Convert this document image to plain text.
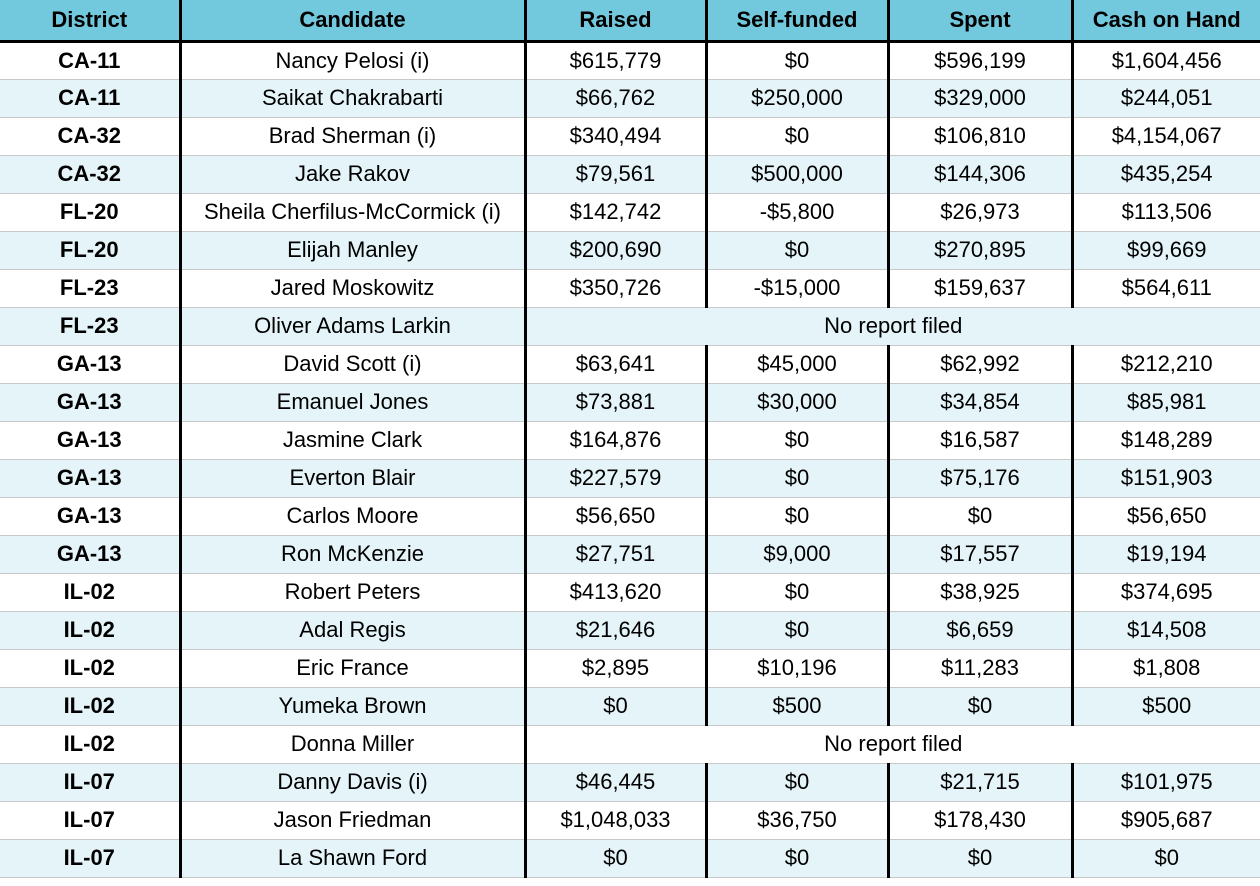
District	Candidate	Raised	Self-funded	Spent	Cash on Hand
CA-11	Nancy Pelosi (i)	$615,779	$0	$596,199	$1,604,456
CA-11	Saikat Chakrabarti	$66,762	$250,000	$329,000	$244,051
CA-32	Brad Sherman (i)	$340,494	$0	$106,810	$4,154,067
CA-32	Jake Rakov	$79,561	$500,000	$144,306	$435,254
FL-20	Sheila Cherfilus-McCormick (i)	$142,742	-$5,800	$26,973	$113,506
FL-20	Elijah Manley	$200,690	$0	$270,895	$99,669
FL-23	Jared Moskowitz	$350,726	-$15,000	$159,637	$564,611
FL-23	Oliver Adams Larkin	No report filed			
GA-13	David Scott (i)	$63,641	$45,000	$62,992	$212,210
GA-13	Emanuel Jones	$73,881	$30,000	$34,854	$85,981
GA-13	Jasmine Clark	$164,876	$0	$16,587	$148,289
GA-13	Everton Blair	$227,579	$0	$75,176	$151,903
GA-13	Carlos Moore	$56,650	$0	$0	$56,650
GA-13	Ron McKenzie	$27,751	$9,000	$17,557	$19,194
IL-02	Robert Peters	$413,620	$0	$38,925	$374,695
IL-02	Adal Regis	$21,646	$0	$6,659	$14,508
IL-02	Eric France	$2,895	$10,196	$11,283	$1,808
IL-02	Yumeka Brown	$0	$500	$0	$500
IL-02	Donna Miller	No report filed			
IL-07	Danny Davis (i)	$46,445	$0	$21,715	$101,975
IL-07	Jason Friedman	$1,048,033	$36,750	$178,430	$905,687
IL-07	La Shawn Ford	$0	$0	$0	$0
